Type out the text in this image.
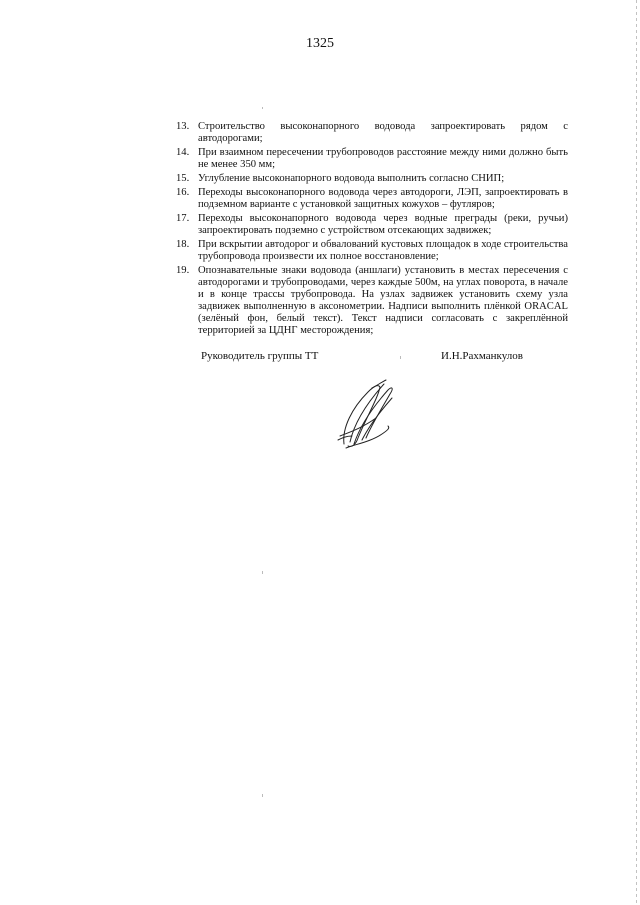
1325
13. Строительство высоконапорного водовода запроектировать рядом с автодорогами;
14. При взаимном пересечении трубопроводов расстояние между ними должно быть не менее 350 мм;
15. Углубление высоконапорного водовода выполнить согласно СНИП;
16. Переходы высоконапорного водовода через автодороги, ЛЭП, запроектировать в подземном варианте с установкой защитных кожухов – футляров;
17. Переходы высоконапорного водовода через водные преграды (реки, ручьи) запроектировать подземно с устройством отсекающих задвижек;
18. При вскрытии автодорог и обвалований кустовых площадок в ходе строительства трубопровода произвести их полное восстановление;
19. Опознавательные знаки водовода (аншлаги) установить в местах пересечения с автодорогами и трубопроводами, через каждые 500м, на углах поворота, в начале и в конце трассы трубопровода. На узлах задвижек установить схему узла задвижек выполненную в аксонометрии. Надписи выполнить плёнкой ORACAL (зелёный фон, белый текст). Текст надписи согласовать с закреплённой территорией за ЦДНГ месторождения;
Руководитель группы ТТ	И.Н.Рахманкулов
